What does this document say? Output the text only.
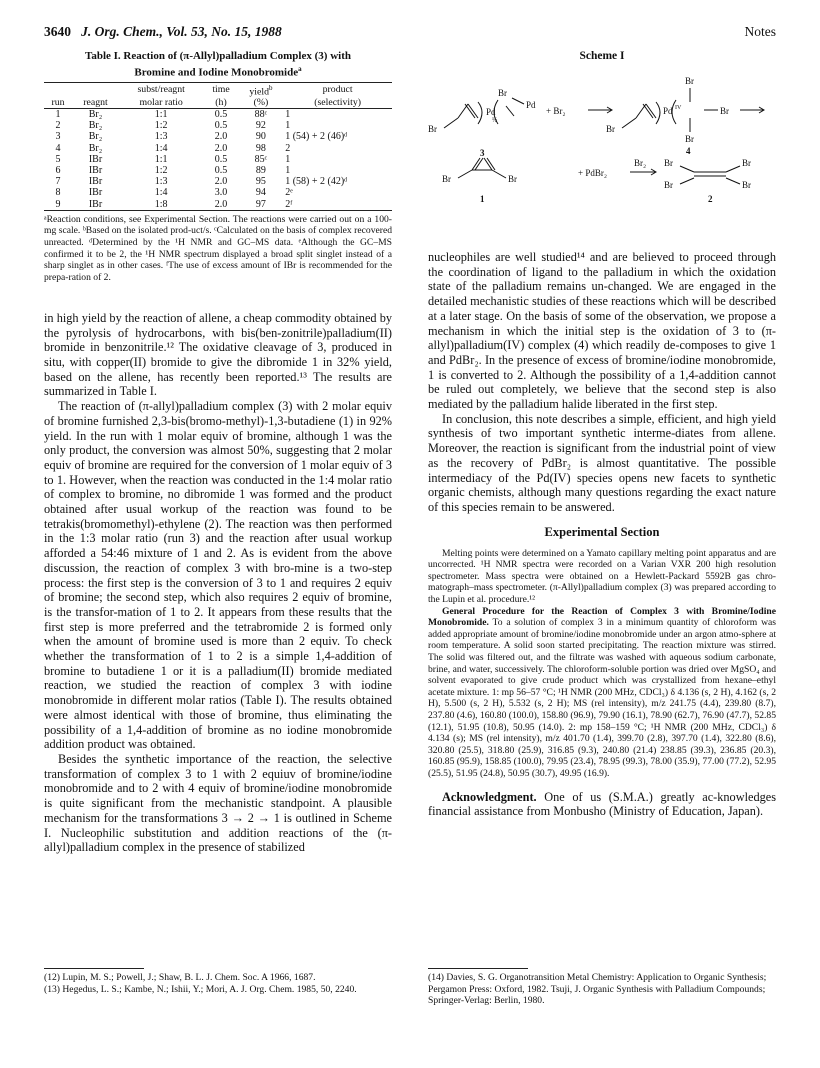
3640 J. Org. Chem., Vol. 53, No. 15, 1988	Notes
Table I. Reaction of (π-Allyl)palladium Complex (3) with
Bromine and Iodine Monobromide$^a$
		subst/reagnt	time	yield$^b$	product
run	reagnt	molar ratio	(h)	(%)	(selectivity)
1	Br₂	1:1	0.5	88ᶜ	1
2	Br₂	1:2	0.5	92	1
3	Br₂	1:3	2.0	90	1 (54) + 2 (46)ᵈ
4	Br₂	1:4	2.0	98	2
5	IBr	1:1	0.5	85ᶜ	1
6	IBr	1:2	0.5	89	1
7	IBr	1:3	2.0	95	1 (58) + 2 (42)ᵈ
8	IBr	1:4	3.0	94	2ᵉ
9	IBr	1:8	2.0	97	2ᶠ

ᵃReaction conditions, see Experimental Section. The reactions were carried out on a 100-mg scale. ᵇBased on the isolated prod-uct/s. ᶜCalculated on the basis of complex recovered unreacted. ᵈDetermined by the ¹H NMR and GC–MS data. ᵉAlthough the GC–MS confirmed it to be 2, the ¹H NMR spectrum displayed a broad split singlet instead of a sharp singlet as in other cases. ᶠThe use of excess amount of IBr is recommended for the prepa-ration of 2.

in high yield by the reaction of allene, a cheap commodity obtained by the pyrolysis of hydrocarbons, with bis(ben-zonitrile)palladium(II) bromide in benzonitrile.¹² The oxidative cleavage of 3, produced in situ, with copper(II) bromide to give the dibromide 1 in 32% yield, based on the allene, has recently been reported.¹³ The results are summarized in Table I.

The reaction of (π-allyl)palladium complex (3) with 2 molar equiv of bromine furnished 2,3-bis(bromo-methyl)-1,3-butadiene (1) in 92% yield. In the run with 1 molar equiv of bromine, although 1 was the only product, the conversion was almost 50%, suggesting that 2 molar equiv of bromine are required for the conversion of 1 molar equiv of 3 to 1. However, when the reaction was conducted in the 1:4 molar ratio of complex to bromine, no dibromide 1 was formed and the product obtained after usual workup of the reaction was found to be tetrakis(bromomethyl)-ethylene (2). The reaction was then performed in the 1:3 molar ratio (run 3) and the reaction after usual workup afforded a 54:46 mixture of 1 and 2. As is evident from the above discussion, the reaction of complex 3 with bro-mine is a two-step process: the first step is the conversion of 3 to 1 and requires 2 equiv of bromine; the second step, which also requires 2 equiv of bromine, is the transfor-mation of 1 to 2. It appears from these results that the first step is more preferred and the tetrabromide 2 is formed only when the amount of bromine used is more than 2 equiv. To check whether the transformation of 1 to 2 is a simple 1,4-addition of bromine to butadiene 1 or it is a palladium(II) bromide mediated reaction, we studied the reaction of complex 3 with iodine monobromide in different molar ratios (Table I). The results obtained were almost identical with those of bromine, thus eliminating the possibility of a 1,4-addition of bromine as no iodine monobromide addition product was obtained.

Besides the synthetic importance of the reaction, the selective transformation of complex 3 to 1 with 2 equiuv of bromine/iodine monobromide and to 2 with 4 equiv of bromine/iodine monobromide is quite significant from the mechanistic standpoint. A plausible mechanism for the transformations 3 → 2 → 1 is outlined in Scheme I. Nucleophilic substitution and addition reactions of the (π-allyl)palladium complex in the presence of stabilized

Scheme I
Br
Pd
½
Br
Pd
+ Br₂
3
Br
Pd IV
Br
Br
Br
4
Br	Br
1
+ PdBr₂
Br₂ Br
Br
Br
Br
2

nucleophiles are well studied¹⁴ and are believed to proceed through the coordination of ligand to the palladium in which the oxidation state of the palladium remains un-changed. We are engaged in the detailed mechanistic studies of these reactions which will be described at a later stage. On the basis of some of the observation, we propose a mechanism in which the initial step is the oxidation of 3 to (π-allyl)palladium(IV) complex (4) which readily de-composes to give 1 and PdBr₂. In the presence of excess of bromine/iodine monobromide, 1 is converted to 2. Although the possibility of a 1,4-addition cannot be ruled out completely, we believe that the second step is also mediated by the palladium halide liberated in the first step.

In conclusion, this note describes a simple, efficient, and high yield synthesis of two important synthetic interme-diates from allene. Moreover, the reaction is significant from the industrial point of view as the recovery of PdBr₂ is almost quantitative. The possible intermediacy of the Pd(IV) species opens new facets to synthetic organic chemists, although many questions regarding the exact nature of this species remain to be answered.

Experimental Section

Melting points were determined on a Yamato capillary melting point apparatus and are uncorrected. ¹H NMR spectra were recorded on a Varian VXR 200 high resolution spectrometer. Mass spectra were obtained on a Hewlett-Packard 5592B gas chro-matograph–mass spectrometer. (π-Allyl)palladium complex (3) was prepared according to the Lupin et al. procedure.¹²

General Procedure for the Reaction of Complex 3 with Bromine/Iodine Monobromide. To a solution of complex 3 in a minimum quantity of chloroform was added appropriate amount of bromine/iodine monobromide under an argon atmo-sphere at room temperature. A solid soon started precipitating. The reaction mixture was stirred. The solid was filtered out, and the filtrate was washed with aqueous sodium carbonate, brine, and water, successively. The chloroform-soluble portion was dried over MgSO₄ and solvent evaporated to give crude product which was crystallized from hexane–ethyl acetate mixture. 1: mp 56–57 °C; ¹H NMR (200 MHz, CDCl₃) δ 4.136 (s, 2 H), 4.162 (s, 2 H), 5.500 (s, 2 H), 5.532 (s, 2 H); MS (rel intensity), m/z 241.75 (4.4), 239.80 (8.7), 237.80 (4.6), 160.80 (100.0), 158.80 (96.9), 79.90 (16.1), 78.90 (62.7), 76.90 (47.7), 52.85 (12.1), 51.95 (10.8), 50.95 (14.0). 2: mp 158–159 °C; ¹H NMR (200 MHz, CDCl₃) δ 4.134 (s); MS (rel intensity), m/z 401.70 (1.4), 399.70 (2.8), 397.70 (1.4), 322.80 (8.6), 320.80 (25.5), 318.80 (25.9), 316.85 (9.3), 240.80 (21.4) 238.85 (39.3), 236.85 (20.3), 160.85 (95.9), 158.85 (100.0), 79.95 (23.4), 78.95 (99.3), 78.00 (35.9), 77.00 (77.2), 52.95 (25.5), 51.95 (24.8), 50.95 (30.7), 49.95 (16.9).

Acknowledgment. One of us (S.M.A.) greatly ac-knowledges financial assistance from Monbusho (Ministry of Education, Japan).

(12) Lupin, M. S.; Powell, J.; Shaw, B. L. J. Chem. Soc. A 1966, 1687.
(13) Hegedus, L. S.; Kambe, N.; Ishii, Y.; Mori, A. J. Org. Chem. 1985, 50, 2240.
(14) Davies, S. G. Organotransition Metal Chemistry: Application to Organic Synthesis; Pergamon Press: Oxford, 1982. Tsuji, J. Organic Synthesis with Palladium Compounds; Springer-Verlag: Berlin, 1980.
